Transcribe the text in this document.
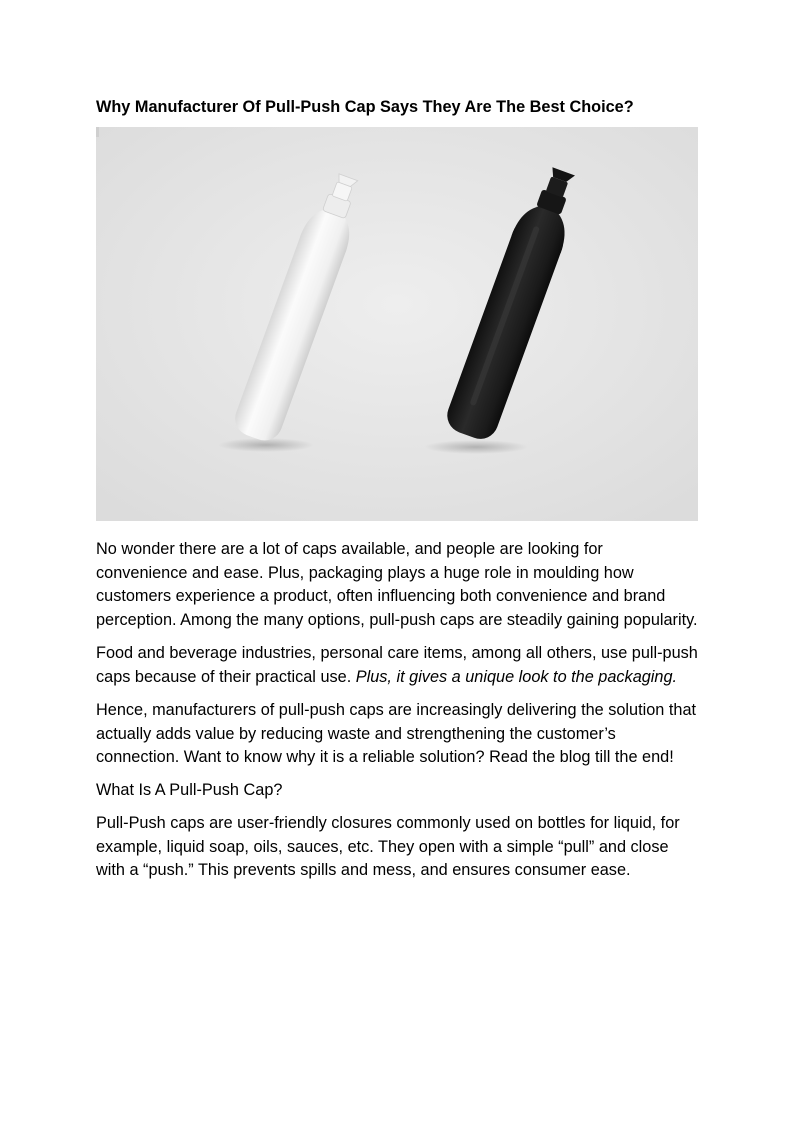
Why Manufacturer Of Pull-Push Cap Says They Are The Best Choice?

No wonder there are a lot of caps available, and people are looking for convenience and ease. Plus, packaging plays a huge role in moulding how customers experience a product, often influencing both convenience and brand perception. Among the many options, pull-push caps are steadily gaining popularity.

Food and beverage industries, personal care items, among all others, use pull-push caps because of their practical use. Plus, it gives a unique look to the packaging.

Hence, manufacturers of pull-push caps are increasingly delivering the solution that actually adds value by reducing waste and strengthening the customer’s connection. Want to know why it is a reliable solution? Read the blog till the end!

What Is A Pull-Push Cap?

Pull-Push caps are user-friendly closures commonly used on bottles for liquid, for example, liquid soap, oils, sauces, etc. They open with a simple “pull” and close with a “push.” This prevents spills and mess, and ensures consumer ease.
